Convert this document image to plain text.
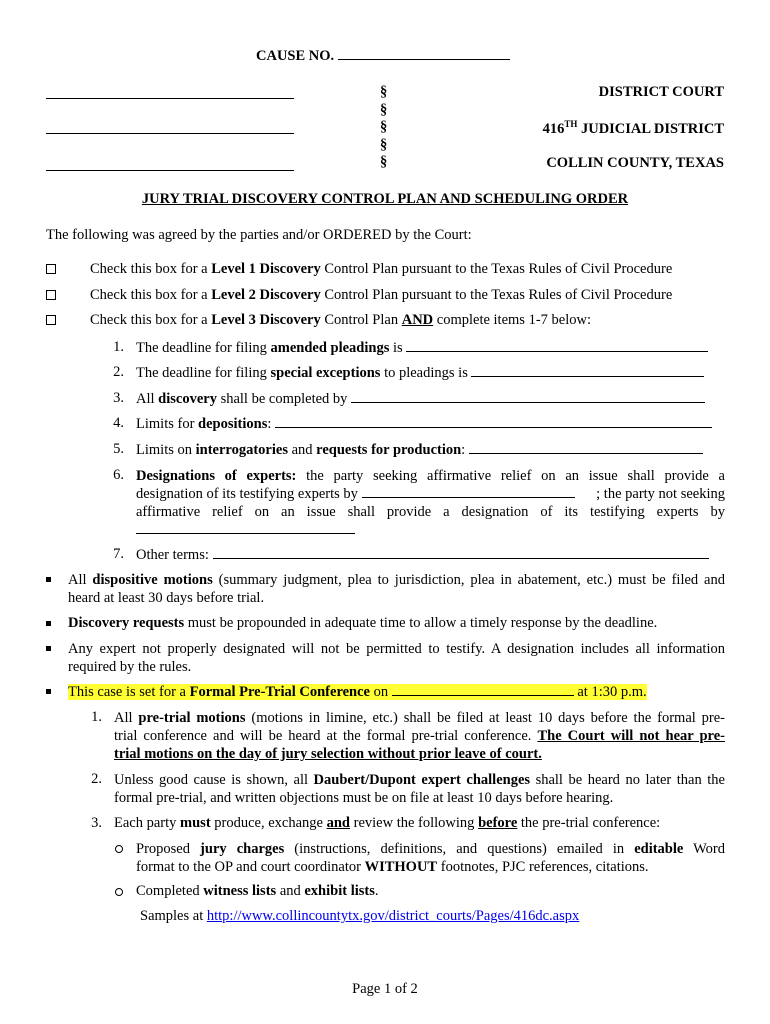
CAUSE NO.
§
§
§
§
§
DISTRICT COURT
416TH JUDICIAL DISTRICT
COLLIN COUNTY, TEXAS
JURY TRIAL DISCOVERY CONTROL PLAN AND SCHEDULING ORDER
The following was agreed by the parties and/or ORDERED by the Court:
Check this box for a Level 1 Discovery Control Plan pursuant to the Texas Rules of Civil Procedure
Check this box for a Level 2 Discovery Control Plan pursuant to the Texas Rules of Civil Procedure
Check this box for a Level 3 Discovery Control Plan AND complete items 1-7 below:
1. The deadline for filing amended pleadings is
2. The deadline for filing special exceptions to pleadings is
3. All discovery shall be completed by
4. Limits for depositions:
5. Limits on interrogatories and requests for production:
6. Designations of experts: the party seeking affirmative relief on an issue shall provide a
designation of its testifying experts by	; the party not seeking
affirmative relief on an issue shall provide a designation of its testifying experts by
7. Other terms:
All dispositive motions (summary judgment, plea to jurisdiction, plea in abatement, etc.) must be filed and
heard at least 30 days before trial.
Discovery requests must be propounded in adequate time to allow a timely response by the deadline.
Any expert not properly designated will not be permitted to testify. A designation includes all information
required by the rules.
This case is set for a Formal Pre-Trial Conference on	at 1:30 p.m.
1. All pre-trial motions (motions in limine, etc.) shall be filed at least 10 days before the formal pre-
trial conference and will be heard at the formal pre-trial conference. The Court will not hear pre-
trial motions on the day of jury selection without prior leave of court.
2. Unless good cause is shown, all Daubert/Dupont expert challenges shall be heard no later than the
formal pre-trial, and written objections must be on file at least 10 days before hearing.
3. Each party must produce, exchange and review the following before the pre-trial conference:
Proposed jury charges (instructions, definitions, and questions) emailed in editable Word
format to the OP and court coordinator WITHOUT footnotes, PJC references, citations.
Completed witness lists and exhibit lists.
Samples at http://www.collincountytx.gov/district_courts/Pages/416dc.aspx
Page 1 of 2
